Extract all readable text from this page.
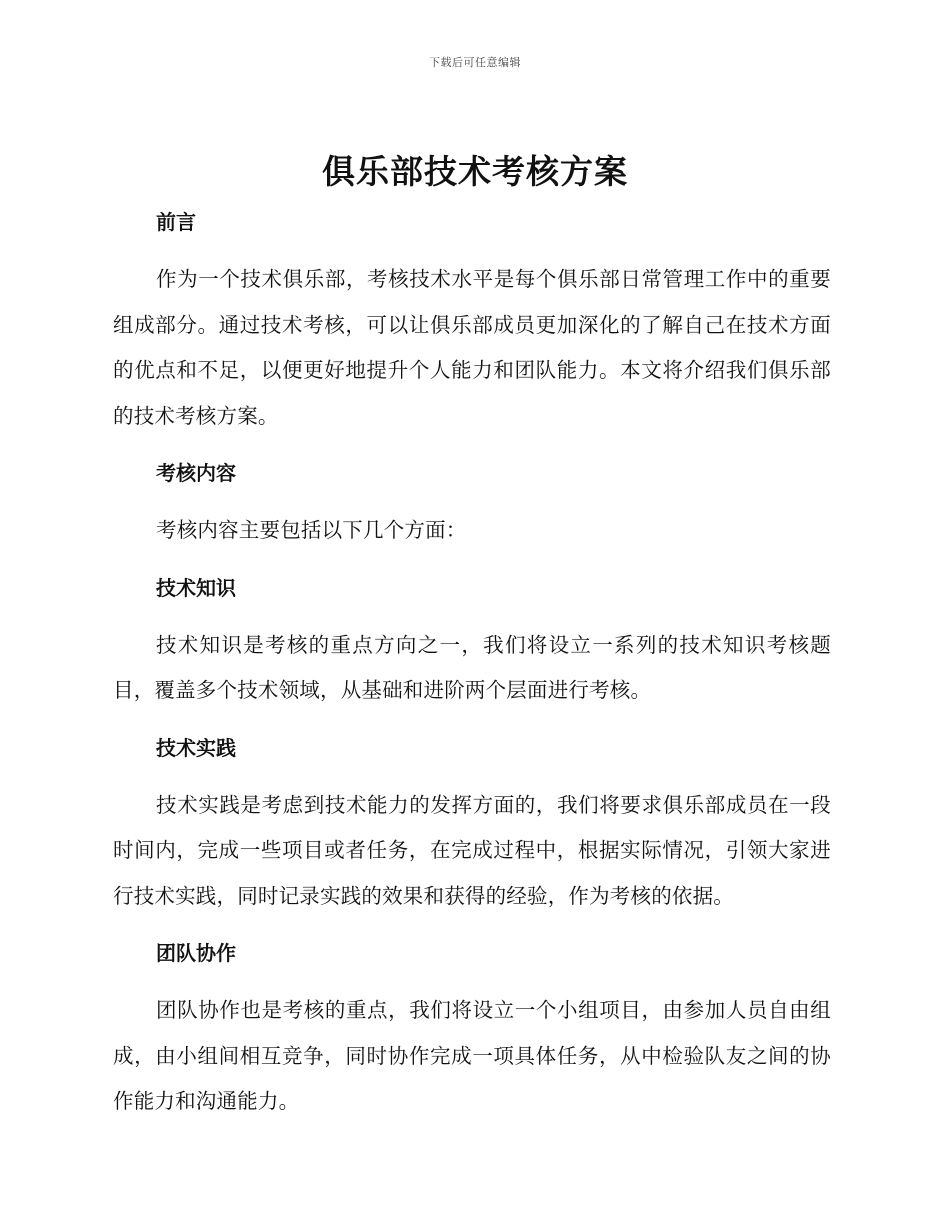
下载后可任意编辑
俱乐部技术考核方案
前言

作为一个技术俱乐部，考核技术水平是每个俱乐部日常管理工作中的重要组成部分。通过技术考核，可以让俱乐部成员更加深化的了解自己在技术方面的优点和不足，以便更好地提升个人能力和团队能力。本文将介绍我们俱乐部的技术考核方案。

考核内容

考核内容主要包括以下几个方面：

技术知识

技术知识是考核的重点方向之一，我们将设立一系列的技术知识考核题目，覆盖多个技术领域，从基础和进阶两个层面进行考核。

技术实践

技术实践是考虑到技术能力的发挥方面的，我们将要求俱乐部成员在一段时间内，完成一些项目或者任务，在完成过程中，根据实际情况，引领大家进行技术实践，同时记录实践的效果和获得的经验，作为考核的依据。

团队协作

团队协作也是考核的重点，我们将设立一个小组项目，由参加人员自由组成，由小组间相互竞争，同时协作完成一项具体任务，从中检验队友之间的协作能力和沟通能力。
